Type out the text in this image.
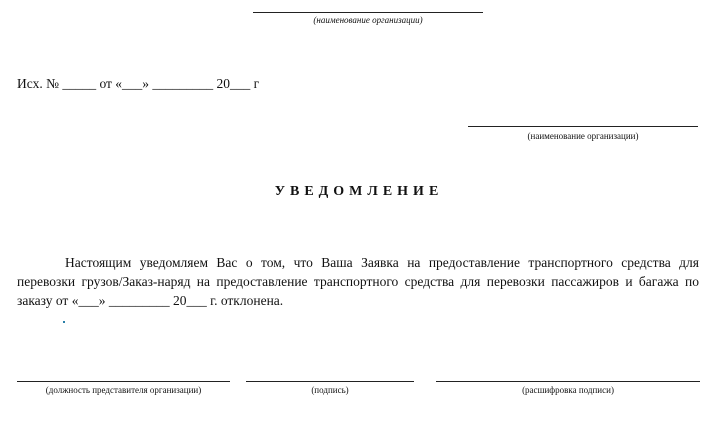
(наименование организации)
Исх. № _____ от «___» _________ 20___ г
(наименование организации)
УВЕДОМЛЕНИЕ

Настоящим уведомляем Вас о том, что Ваша Заявка на предоставление транспортного средства для перевозки грузов/Заказ-наряд на предоставление транспортного средства для перевозки пассажиров и багажа по заказу от «___» _________ 20___ г. отклонена.

(должность представителя организации)	(подпись)	(расшифровка подписи)
